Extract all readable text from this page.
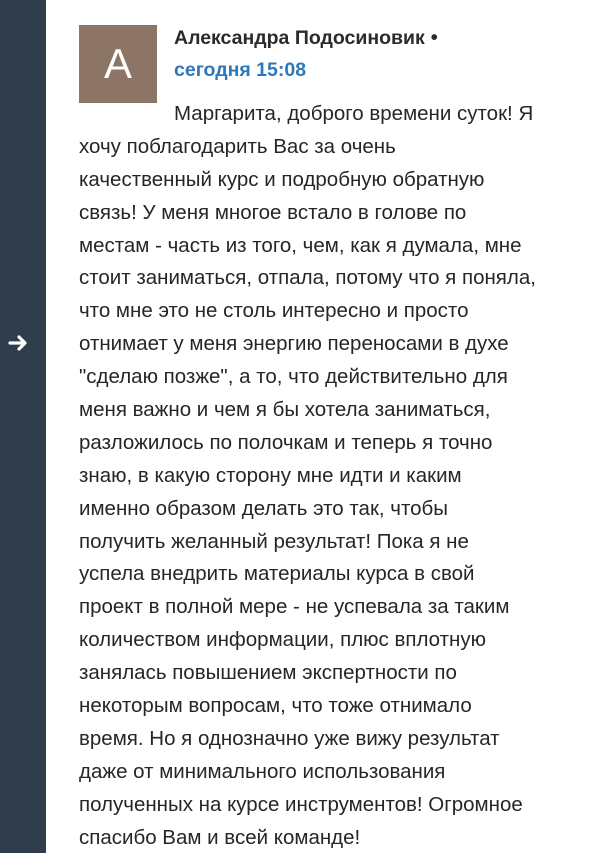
А
Александра Подосиновик •
сегодня 15:08
Маргарита, доброго времени суток! Я
хочу поблагодарить Вас за очень
качественный курс и подробную обратную
связь! У меня многое встало в голове по
местам - часть из того, чем, как я думала, мне
стоит заниматься, отпала, потому что я поняла,
что мне это не столь интересно и просто
отнимает у меня энергию переносами в духе
"сделаю позже", а то, что действительно для
меня важно и чем я бы хотела заниматься,
разложилось по полочкам и теперь я точно
знаю, в какую сторону мне идти и каким
именно образом делать это так, чтобы
получить желанный результат! Пока я не
успела внедрить материалы курса в свой
проект в полной мере - не успевала за таким
количеством информации, плюс вплотную
занялась повышением экспертности по
некоторым вопросам, что тоже отнимало
время. Но я однозначно уже вижу результат
даже от минимального использования
полученных на курсе инструментов! Огромное
спасибо Вам и всей команде!
